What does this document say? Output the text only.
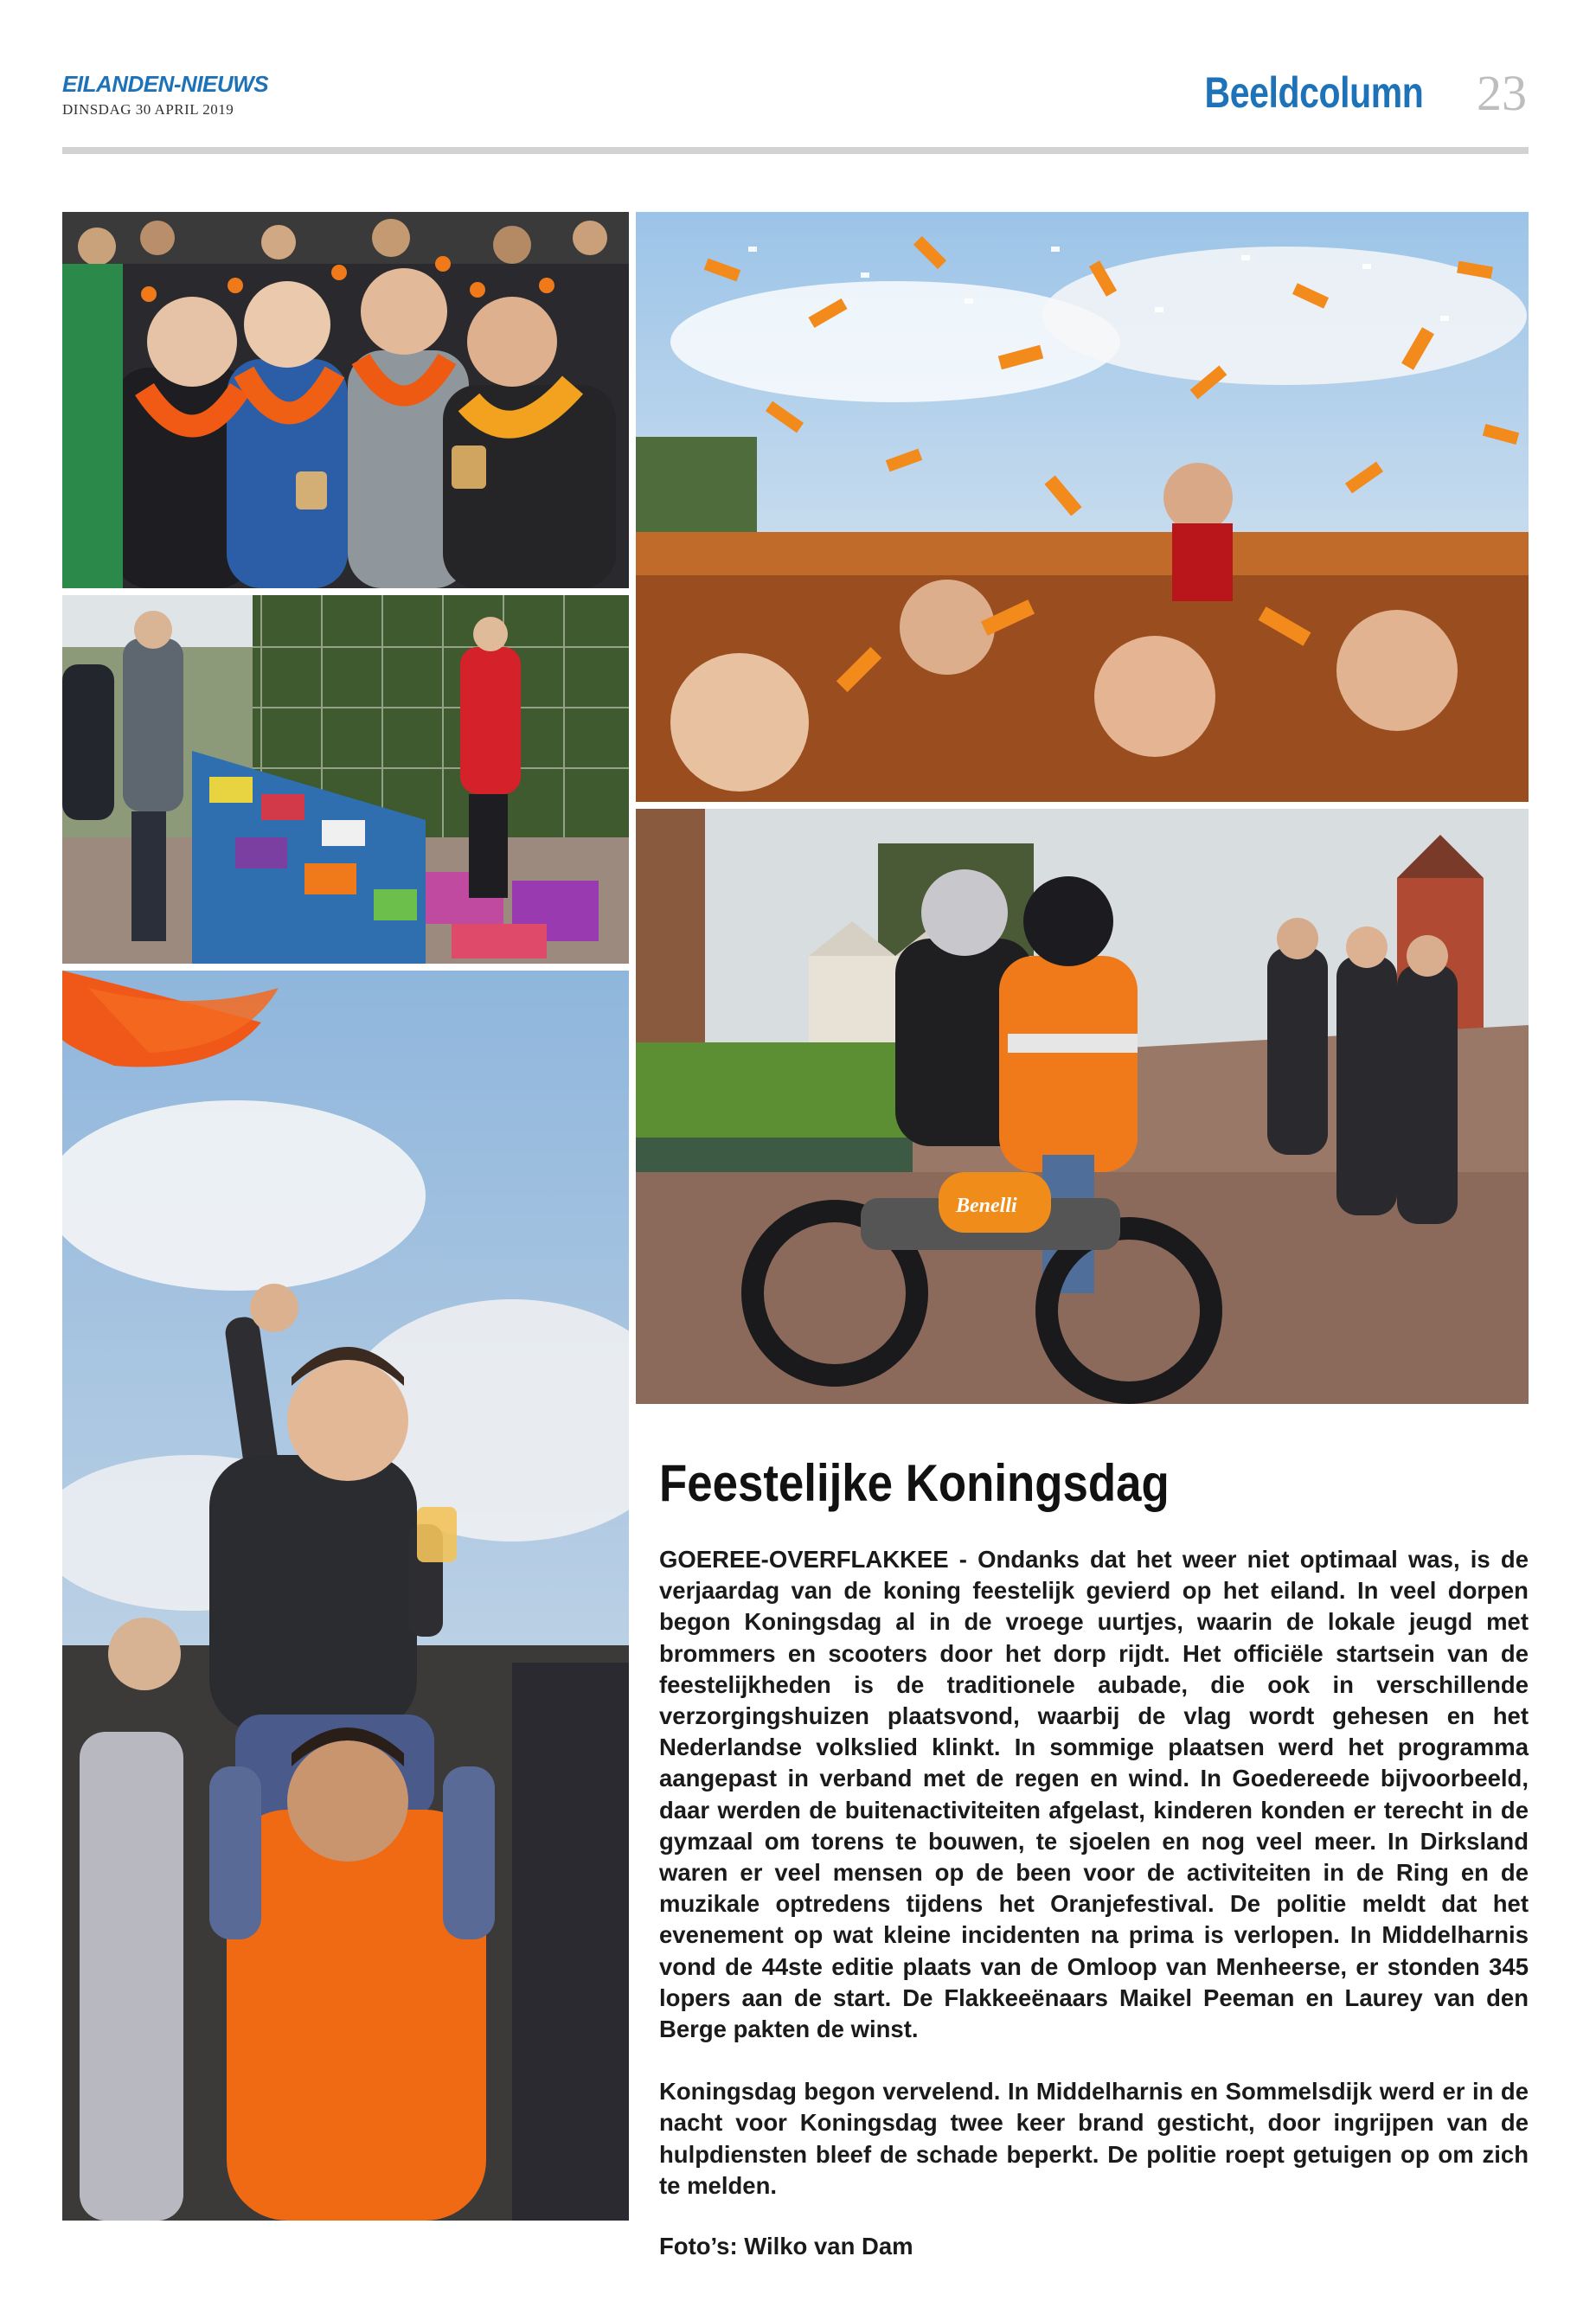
EILANDEN-NIEUWS
DINSDAG 30 APRIL 2019	Beeldcolumn 23
Benelli
Feestelijke Koningsdag

GOEREE-OVERFLAKKEE - Ondanks dat het weer niet optimaal was, is de verjaardag van de koning feestelijk gevierd op het eiland. In veel dorpen begon Koningsdag al in de vroege uurtjes, waarin de lokale jeugd met brommers en scooters door het dorp rijdt. Het officiële startsein van de feestelijkheden is de traditionele aubade, die ook in verschillende verzorgingshuizen plaatsvond, waarbij de vlag wordt gehesen en het Nederlandse volkslied klinkt. In sommige plaatsen werd het programma aangepast in verband met de regen en wind. In Goedereede bijvoorbeeld, daar werden de buitenactiviteiten afgelast, kinderen konden er terecht in de gymzaal om torens te bouwen, te sjoelen en nog veel meer. In Dirksland waren er veel mensen op de been voor de activiteiten in de Ring en de muzikale optredens tijdens het Oranjefestival. De politie meldt dat het evenement op wat kleine incidenten na prima is verlopen. In Middelharnis vond de 44ste editie plaats van de Omloop van Menheerse, er stonden 345 lopers aan de start. De Flakkeeënaars Maikel Peeman en Laurey van den Berge pakten de winst.

Koningsdag begon vervelend. In Middelharnis en Sommelsdijk werd er in de nacht voor Koningsdag twee keer brand gesticht, door ingrijpen van de hulpdiensten bleef de schade beperkt. De politie roept getuigen op om zich te melden.

Foto’s: Wilko van Dam
